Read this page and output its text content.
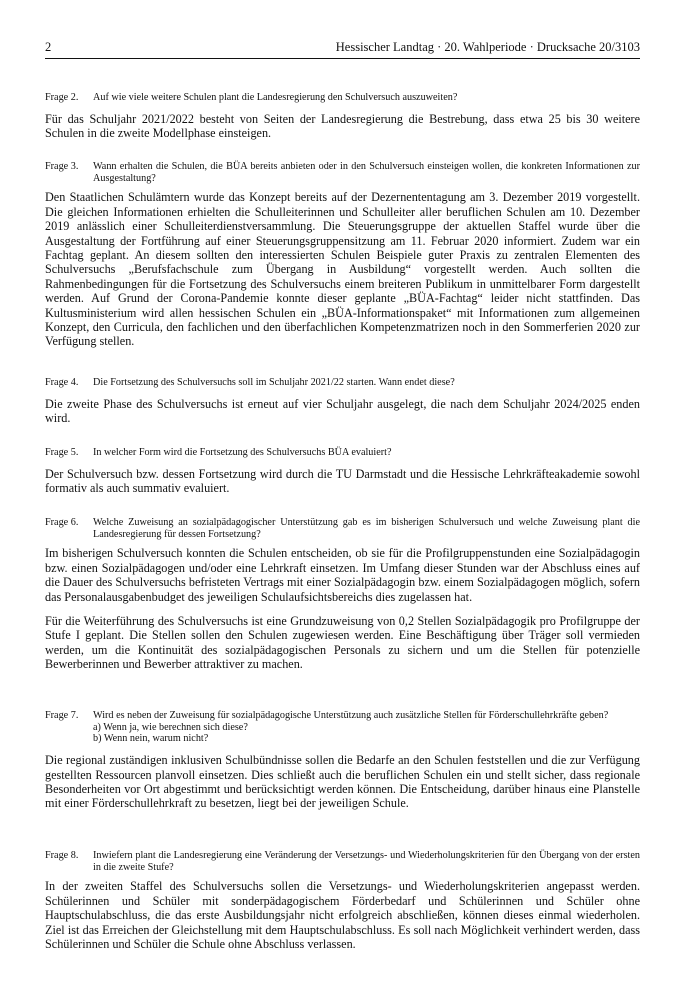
2	Hessischer Landtag · 20. Wahlperiode · Drucksache 20/3103
Frage 2.	Auf wie viele weitere Schulen plant die Landesregierung den Schulversuch auszuweiten?

Für das Schuljahr 2021/2022 besteht von Seiten der Landesregierung die Bestrebung, dass etwa 25 bis 30 weitere Schulen in die zweite Modellphase einsteigen.

Frage 3.	Wann erhalten die Schulen, die BÜA bereits anbieten oder in den Schulversuch einsteigen wollen, die konkreten Informationen zur Ausgestaltung?

Den Staatlichen Schulämtern wurde das Konzept bereits auf der Dezernententagung am 3. Dezember 2019 vorgestellt. Die gleichen Informationen erhielten die Schulleiterinnen und Schulleiter aller beruflichen Schulen am 10. Dezember 2019 anlässlich einer Schulleiterdienstversammlung. Die Steuerungsgruppe der aktuellen Staffel wurde über die Ausgestaltung der Fortführung auf einer Steuerungsgruppensitzung am 11. Februar 2020 informiert. Zudem war ein Fachtag geplant. An diesem sollten den interessierten Schulen Beispiele guter Praxis zu zentralen Elementen des Schulversuchs „Berufsfachschule zum Übergang in Ausbildung“ vorgestellt werden. Auch sollten die Rahmenbedingungen für die Fortsetzung des Schulversuchs einem breiteren Publikum in unmittelbarer Form dargestellt werden. Auf Grund der Corona-Pandemie konnte dieser geplante „BÜA-Fachtag“ leider nicht stattfinden. Das Kultusministerium wird allen hessischen Schulen ein „BÜA-Informationspaket“ mit Informationen zum allgemeinen Konzept, den Curricula, den fachlichen und den überfachlichen Kompetenzmatrizen noch in den Sommerferien 2020 zur Verfügung stellen.

Frage 4.	Die Fortsetzung des Schulversuchs soll im Schuljahr 2021/22 starten. Wann endet diese?

Die zweite Phase des Schulversuchs ist erneut auf vier Schuljahr ausgelegt, die nach dem Schuljahr 2024/2025 enden wird.

Frage 5.	In welcher Form wird die Fortsetzung des Schulversuchs BÜA evaluiert?

Der Schulversuch bzw. dessen Fortsetzung wird durch die TU Darmstadt und die Hessische Lehrkräfteakademie sowohl formativ als auch summativ evaluiert.

Frage 6.	Welche Zuweisung an sozialpädagogischer Unterstützung gab es im bisherigen Schulversuch und welche Zuweisung plant die Landesregierung für dessen Fortsetzung?

Im bisherigen Schulversuch konnten die Schulen entscheiden, ob sie für die Profilgruppenstunden eine Sozialpädagogin bzw. einen Sozialpädagogen und/oder eine Lehrkraft einsetzen. Im Umfang dieser Stunden war der Abschluss eines auf die Dauer des Schulversuchs befristeten Vertrags mit einer Sozialpädagogin bzw. einem Sozialpädagogen möglich, sofern das Personalausgabenbudget des jeweiligen Schulaufsichtsbereichs dies zugelassen hat.

Für die Weiterführung des Schulversuchs ist eine Grundzuweisung von 0,2 Stellen Sozialpädagogik pro Profilgruppe der Stufe I geplant. Die Stellen sollen den Schulen zugewiesen werden. Eine Beschäftigung über Träger soll vermieden werden, um die Kontinuität des sozialpädagogischen Personals zu sichern und um die Stellen für potenzielle Bewerberinnen und Bewerber attraktiver zu machen.

Frage 7.	Wird es neben der Zuweisung für sozialpädagogische Unterstützung auch zusätzliche Stellen für Förderschullehrkräfte geben?
a) Wenn ja, wie berechnen sich diese?
b) Wenn nein, warum nicht?

Die regional zuständigen inklusiven Schulbündnisse sollen die Bedarfe an den Schulen feststellen und die zur Verfügung gestellten Ressourcen planvoll einsetzen. Dies schließt auch die beruflichen Schulen ein und stellt sicher, dass regionale Besonderheiten vor Ort abgestimmt und berücksichtigt werden können. Die Entscheidung, darüber hinaus eine Planstelle mit einer Förderschullehrkraft zu besetzen, liegt bei der jeweiligen Schule.

Frage 8.	Inwiefern plant die Landesregierung eine Veränderung der Versetzungs- und Wiederholungskriterien für den Übergang von der ersten in die zweite Stufe?

In der zweiten Staffel des Schulversuchs sollen die Versetzungs- und Wiederholungskriterien angepasst werden. Schülerinnen und Schüler mit sonderpädagogischem Förderbedarf und Schülerinnen und Schüler ohne Hauptschulabschluss, die das erste Ausbildungsjahr nicht erfolgreich abschließen, können dieses einmal wiederholen. Ziel ist das Erreichen der Gleichstellung mit dem Hauptschulabschluss. Es soll nach Möglichkeit verhindert werden, dass Schülerinnen und Schüler die Schule ohne Abschluss verlassen.
